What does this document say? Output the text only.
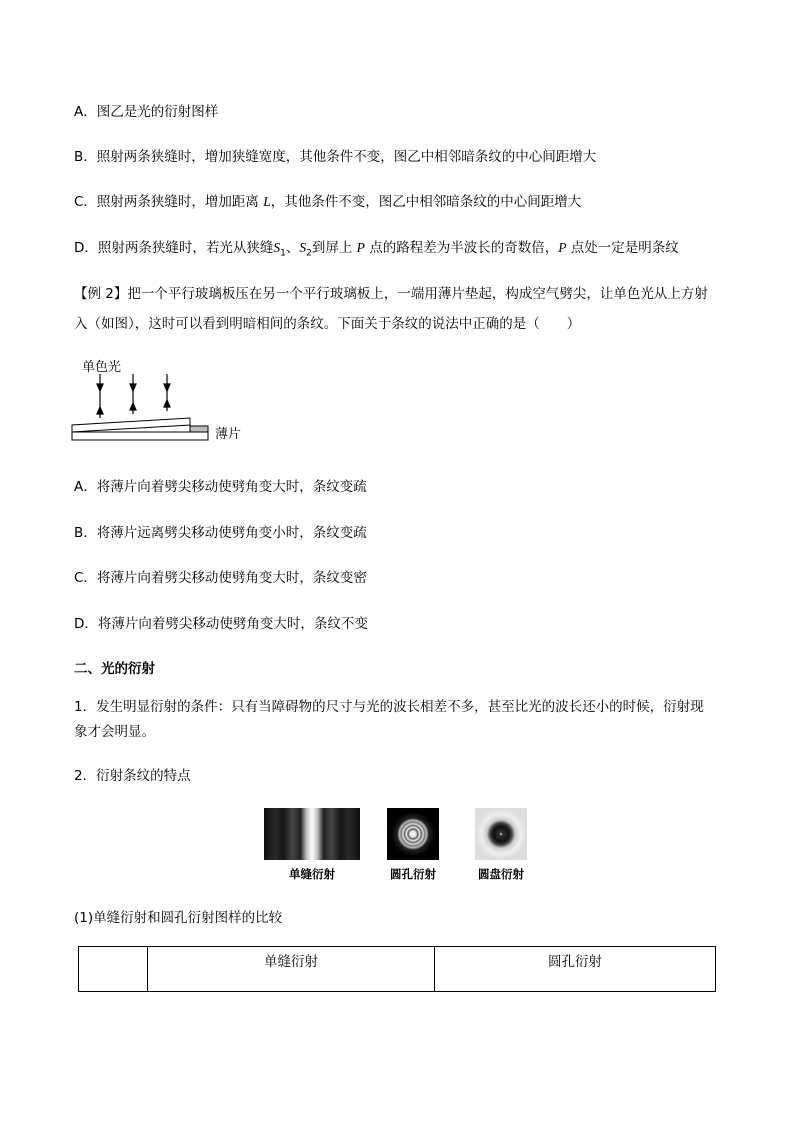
A．图乙是光的衍射图样
B．照射两条狭缝时，增加狭缝宽度，其他条件不变，图乙中相邻暗条纹的中心间距增大
C．照射两条狭缝时，增加距离 L，其他条件不变，图乙中相邻暗条纹的中心间距增大
D．照射两条狭缝时，若光从狭缝$S_1$、$S_2$到屏上 P 点的路程差为半波长的奇数倍，P 点处一定是明条纹
【例 2】把一个平行玻璃板压在另一个平行玻璃板上，一端用薄片垫起，构成空气劈尖，让单色光从上方射
入（如图），这时可以看到明暗相间的条纹。下面关于条纹的说法中正确的是（　　）
单色光
薄片
A．将薄片向着劈尖移动使劈角变大时，条纹变疏
B．将薄片远离劈尖移动使劈角变小时，条纹变疏
C．将薄片向着劈尖移动使劈角变大时，条纹变密
D．将薄片向着劈尖移动使劈角变大时，条纹不变
二、光的衍射
1．发生明显衍射的条件：只有当障碍物的尺寸与光的波长相差不多，甚至比光的波长还小的时候，衍射现
象才会明显。
2．衍射条纹的特点
单缝衍射	圆孔衍射	圆盘衍射
(1)单缝衍射和圆孔衍射图样的比较
	单缝衍射	圆孔衍射
